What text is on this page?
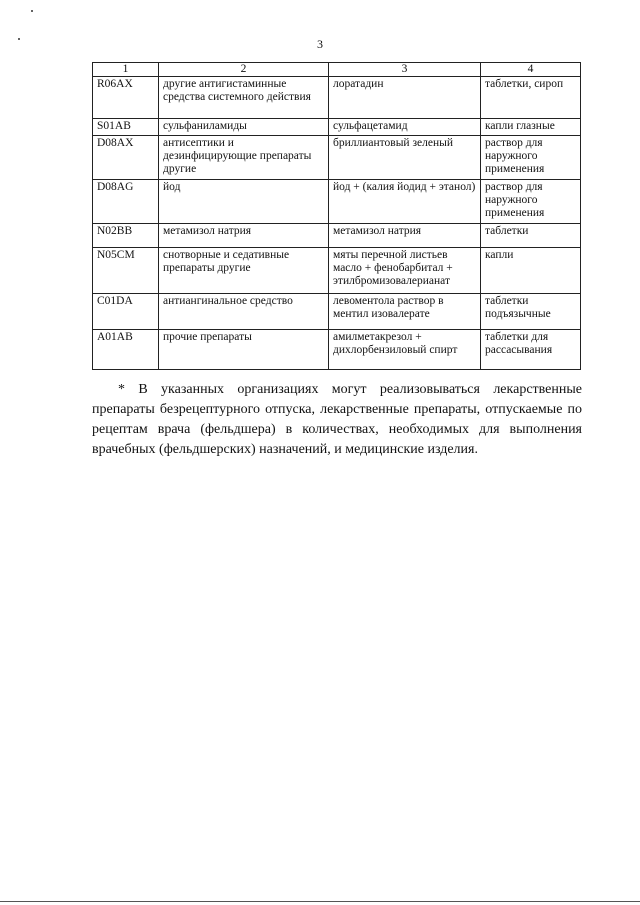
3
1	2	3	4
R06AX	другие антигистаминные средства системного действия	лоратадин	таблетки, сироп
S01AB	сульфаниламиды	сульфацетамид	капли глазные
D08AX	антисептики и дезинфицирующие препараты другие	бриллиантовый зеленый	раствор для наружного применения
D08AG	йод	йод + (калия йодид + этанол)	раствор для наружного применения
N02BB	метамизол натрия	метамизол натрия	таблетки
N05CM	снотворные и седативные препараты другие	мяты перечной листьев масло + фенобарбитал + этилбромизовалерианат	капли
C01DA	антиангинальное средство	левоментола раствор в ментил изовалерате	таблетки подъязычные
A01AB	прочие препараты	амилметакрезол + дихлорбензиловый спирт	таблетки для рассасывания

* В указанных организациях могут реализовываться лекарственные препараты безрецептурного отпуска, лекарственные препараты, отпускаемые по рецептам врача (фельдшера) в количествах, необходимых для выполнения врачебных (фельдшерских) назначений, и медицинские изделия.
